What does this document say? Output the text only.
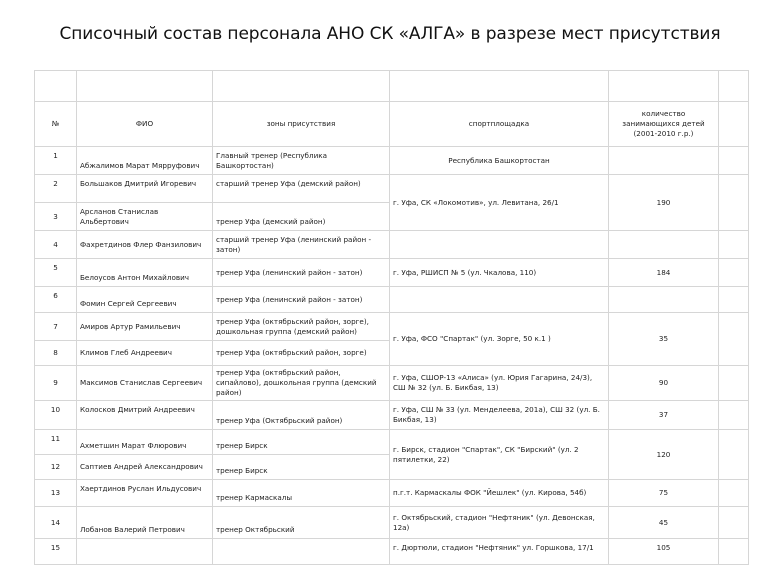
Списочный состав персонала АНО СК «АЛГА» в разрезе мест присутствия

№	ФИО	зоны присутствия	спортплощадка	количество занимающихся детей (2001-2010 г.р.)	
1	Абжалимов Марат Мярруфович	Главный тренер (Республика Башкортостан)	Республика Башкортостан		
2	Большаков Дмитрий Игоревич	старший тренер Уфа (демский район)	г. Уфа, СК «Локомотив», ул. Левитана, 26/1	190	
3	Арсланов Станислав Альбертович	тренер Уфа (демский район)			
4	Фахретдинов Флер Фанзилович	старший тренер Уфа (ленинский район - затон)			
5	Белоусов Антон Михайлович	тренер Уфа (ленинский район - затон)	г. Уфа, РШИСП № 5 (ул. Чкалова, 110)	184	
6	Фомин Сергей Сергеевич	тренер Уфа (ленинский район - затон)			
7	Амиров Артур Рамильевич	тренер Уфа (октябрьский район, зорге), дошкольная группа (демский район)	г. Уфа, ФСО "Спартак" (ул. Зорге, 50 к.1 )	35	
8	Климов Глеб Андреевич	тренер Уфа (октябрьский район, зорге)			
9	Максимов Станислав Сергеевич	тренер Уфа (октябрьский район, сипайлово), дошкольная группа (демский район)	г. Уфа, СШОР-13 «Алиса» (ул. Юрия Гагарина, 24/3), СШ № 32 (ул. Б. Бикбая, 13)	90	
10	Колосков Дмитрий Андреевич	тренер Уфа (Октябрьский район)	г. Уфа, СШ № 33 (ул. Менделеева, 201а), СШ 32 (ул. Б. Бикбая, 13)	37	
11	Ахметшин Марат Флюрович	тренер Бирск	г. Бирск, стадион "Спартак", СК "Бирский" (ул. 2 пятилетки, 22)	120	
12	Саптиев Андрей Александрович	тренер Бирск			
13	Хаертдинов Руслан Ильдусович	тренер Кармаскалы	п.г.т. Кармаскалы ФОК "Йешлек" (ул. Кирова, 54б)	75	
14	Лобанов Валерий Петрович	тренер Октябрьский	г. Октябрьский, стадион "Нефтяник" (ул. Девонская, 12а)	45	
15			г. Дюртюли, стадион "Нефтяник" ул. Горшкова, 17/1	105	
